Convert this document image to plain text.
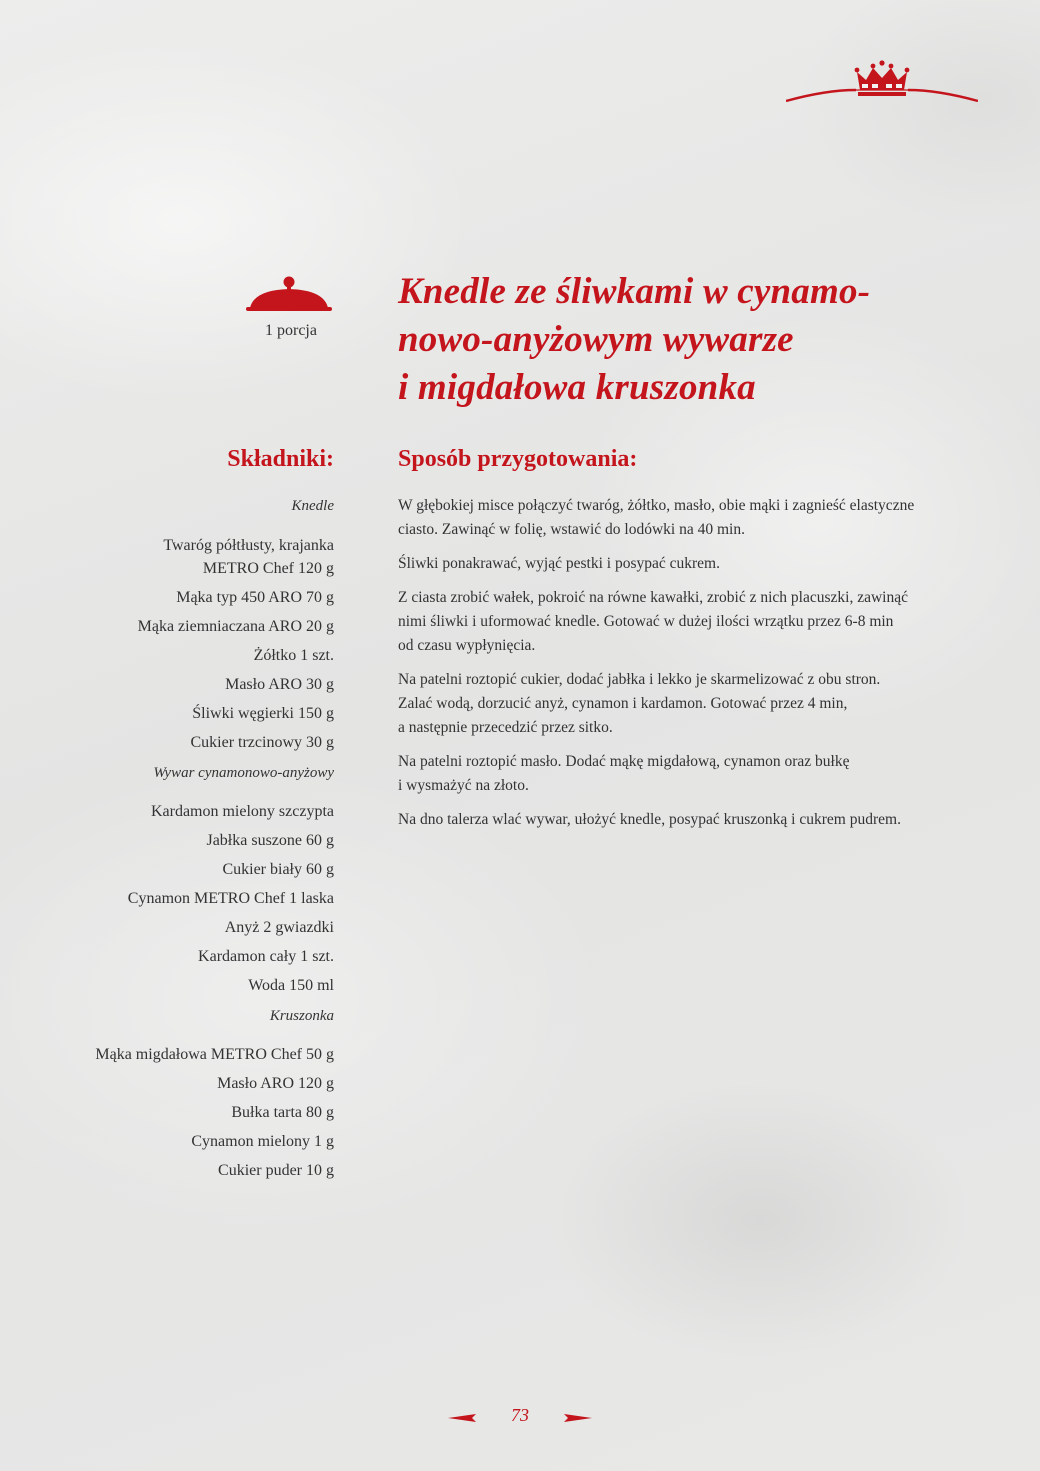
1 porcja
Knedle ze śliwkami w cynamo-
nowo-anyżowym wywarze
i migdałowa kruszonka
Składniki:
Knedle
Twaróg półtłusty, krajanka
METRO Chef 120 g
Mąka typ 450 ARO 70 g
Mąka ziemniaczana ARO 20 g
Żółtko 1 szt.
Masło ARO 30 g
Śliwki węgierki 150 g
Cukier trzcinowy 30 g
Wywar cynamonowo-anyżowy
Kardamon mielony szczypta
Jabłka suszone 60 g
Cukier biały 60 g
Cynamon METRO Chef 1 laska
Anyż 2 gwiazdki
Kardamon cały 1 szt.
Woda 150 ml
Kruszonka
Mąka migdałowa METRO Chef 50 g
Masło ARO 120 g
Bułka tarta 80 g
Cynamon mielony 1 g
Cukier puder 10 g
Sposób przygotowania:

W głębokiej misce połączyć twaróg, żółtko, masło, obie mąki i zagnieść elastyczne
ciasto. Zawinąć w folię, wstawić do lodówki na 40 min.

Śliwki ponakrawać, wyjąć pestki i posypać cukrem.

Z ciasta zrobić wałek, pokroić na równe kawałki, zrobić z nich placuszki, zawinąć
nimi śliwki i uformować knedle. Gotować w dużej ilości wrzątku przez 6-8 min
od czasu wypłynięcia.

Na patelni roztopić cukier, dodać jabłka i lekko je skarmelizować z obu stron.
Zalać wodą, dorzucić anyż, cynamon i kardamon. Gotować przez 4 min,
a następnie przecedzić przez sitko.

Na patelni roztopić masło. Dodać mąkę migdałową, cynamon oraz bułkę
i wysmażyć na złoto.

Na dno talerza wlać wywar, ułożyć knedle, posypać kruszonką i cukrem pudrem.

73
